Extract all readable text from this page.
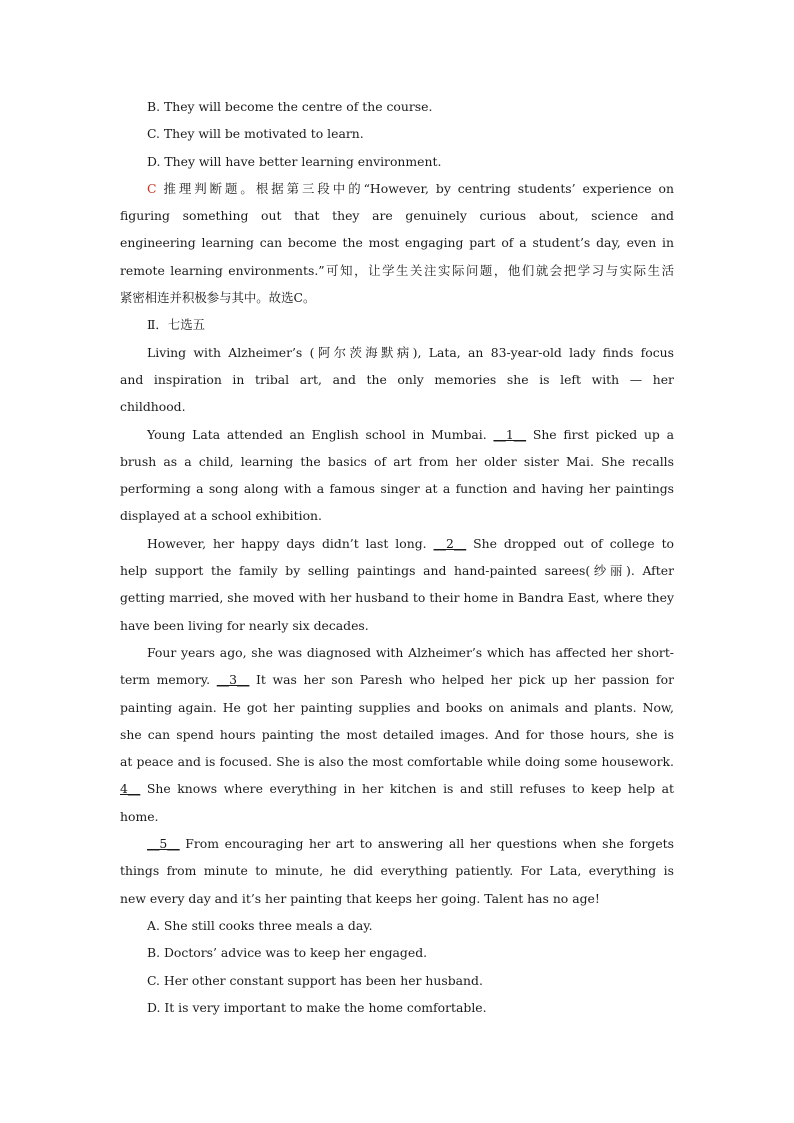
B. They will become the centre of the course.
C. They will be motivated to learn.
D. They will have better learning environment.
C 推理判断题。根据第三段中的“However, by centring students’ experience on
figuring something out that they are genuinely curious about, science and
engineering learning can become the most engaging part of a student’s day, even in
remote learning environments.”可知，让学生关注实际问题，他们就会把学习与实际生活
紧密相连并积极参与其中。故选C。
Ⅱ．七选五
Living with Alzheimer’s (阿尔茨海默病), Lata, an 83-year-old lady finds focus
and inspiration in tribal art, and the only memories she is left with — her
childhood.
Young Lata attended an English school in Mumbai. __1__ She first picked up a
brush as a child, learning the basics of art from her older sister Mai. She recalls
performing a song along with a famous singer at a function and having her paintings
displayed at a school exhibition.
However, her happy days didn’t last long. __2__ She dropped out of college to
help support the family by selling paintings and hand-painted sarees(纱丽). After
getting married, she moved with her husband to their home in Bandra East, where they
have been living for nearly six decades.
Four years ago, she was diagnosed with Alzheimer’s which has affected her short-
term memory. __3__ It was her son Paresh who helped her pick up her passion for
painting again. He got her painting supplies and books on animals and plants. Now,
she can spend hours painting the most detailed images. And for those hours, she is
at peace and is focused. She is also the most comfortable while doing some housework.
4__ She knows where everything in her kitchen is and still refuses to keep help at
home.
__5__ From encouraging her art to answering all her questions when she forgets
things from minute to minute, he did everything patiently. For Lata, everything is
new every day and it’s her painting that keeps her going. Talent has no age!
A. She still cooks three meals a day.
B. Doctors’ advice was to keep her engaged.
C. Her other constant support has been her husband.
D. It is very important to make the home comfortable.
